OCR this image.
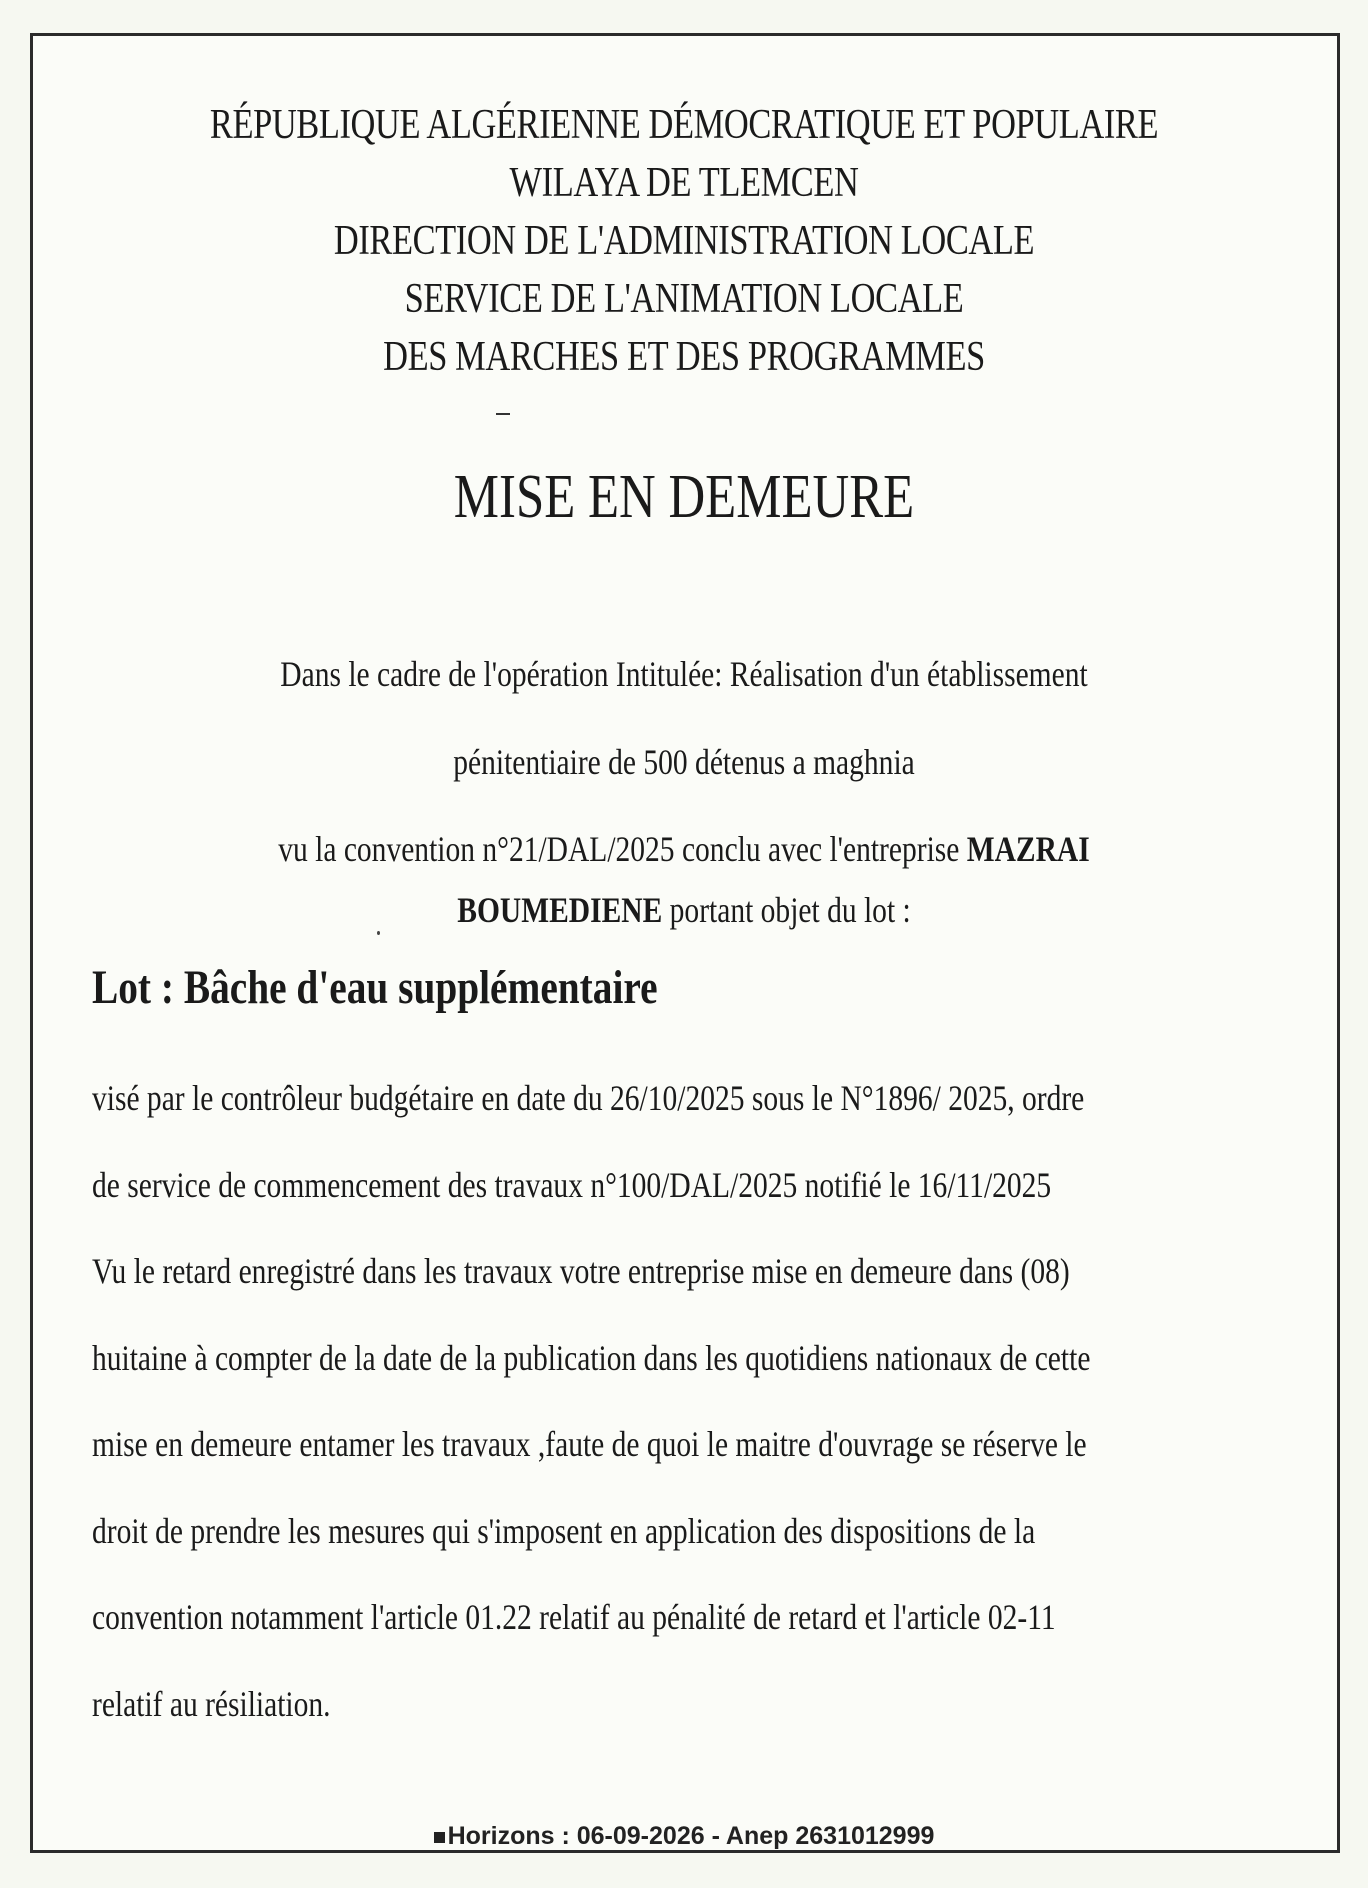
RÉPUBLIQUE ALGÉRIENNE DÉMOCRATIQUE ET POPULAIRE
WILAYA DE TLEMCEN
DIRECTION DE L'ADMINISTRATION LOCALE
SERVICE DE L'ANIMATION LOCALE
DES MARCHES ET DES PROGRAMMES
MISE EN DEMEURE
Dans le cadre de l'opération Intitulée: Réalisation d'un établissement
pénitentiaire de 500 détenus a maghnia
vu la convention n°21/DAL/2025 conclu avec l'entreprise MAZRAI
BOUMEDIENE portant objet du lot :
Lot : Bâche d'eau supplémentaire
visé par le contrôleur budgétaire en date du 26/10/2025 sous le N°1896/ 2025, ordre
de service de commencement des travaux n°100/DAL/2025 notifié le 16/11/2025
Vu le retard enregistré dans les travaux votre entreprise mise en demeure dans (08)
huitaine à compter de la date de la publication dans les quotidiens nationaux de cette
mise en demeure entamer les travaux ,faute de quoi le maitre d'ouvrage se réserve le
droit de prendre les mesures qui s'imposent en application des dispositions de la
convention notamment l'article 01.22 relatif au pénalité de retard et l'article 02-11
relatif au résiliation.
Horizons : 06-09-2026 - Anep 2631012999
